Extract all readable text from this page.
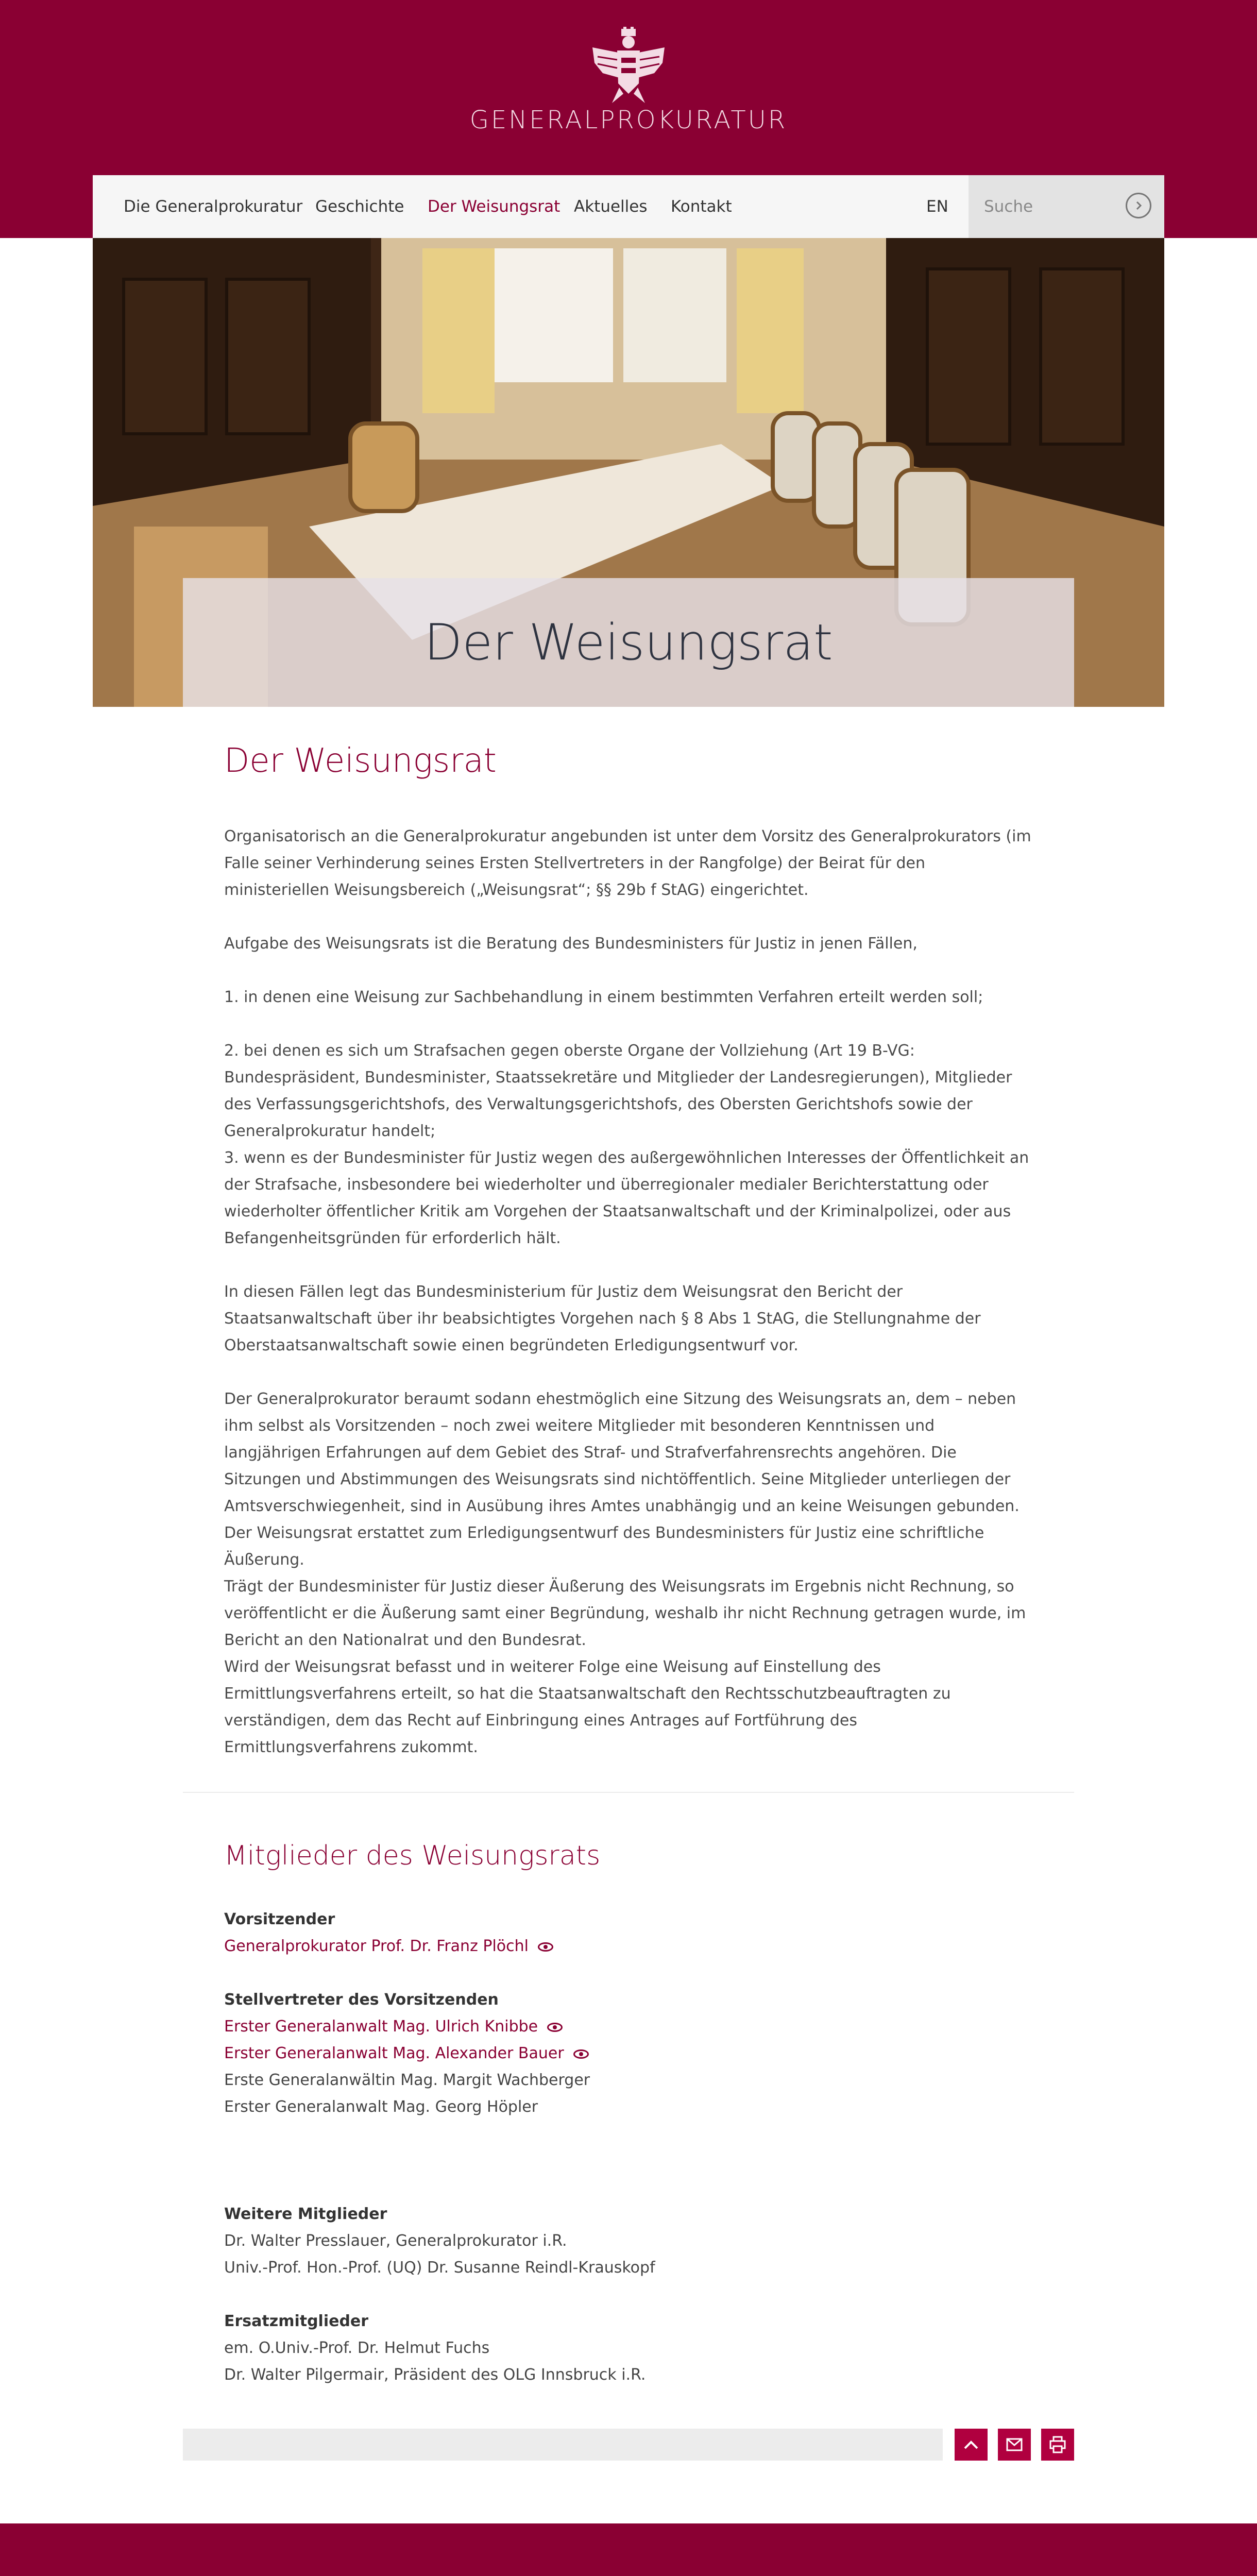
GENERALPROKURATUR
Die Generalprokuratur Geschichte Der Weisungsrat Aktuelles Kontakt	EN Suche
Der Weisungsrat
Der Weisungsrat

Organisatorisch an die Generalprokuratur angebunden ist unter dem Vorsitz des Generalprokurators (im Falle seiner Verhinderung seines Ersten Stellvertreters in der Rangfolge) der Beirat für den ministeriellen Weisungsbereich („Weisungsrat“; §§ 29b f StAG) eingerichtet.

Aufgabe des Weisungsrats ist die Beratung des Bundesministers für Justiz in jenen Fällen,

1. in denen eine Weisung zur Sachbehandlung in einem bestimmten Verfahren erteilt werden soll;

2. bei denen es sich um Strafsachen gegen oberste Organe der Vollziehung (Art 19 B-VG: Bundespräsident, Bundesminister, Staatssekretäre und Mitglieder der Landesregierungen), Mitglieder des Verfassungsgerichtshofs, des Verwaltungsgerichtshofs, des Obersten Gerichtshofs sowie der Generalprokuratur handelt;

3. wenn es der Bundesminister für Justiz wegen des außergewöhnlichen Interesses der Öffentlichkeit an der Strafsache, insbesondere bei wiederholter und überregionaler medialer Berichterstattung oder wiederholter öffentlicher Kritik am Vorgehen der Staatsanwaltschaft und der Kriminalpolizei, oder aus Befangenheitsgründen für erforderlich hält.

In diesen Fällen legt das Bundesministerium für Justiz dem Weisungsrat den Bericht der Staatsanwaltschaft über ihr beabsichtigtes Vorgehen nach § 8 Abs 1 StAG, die Stellungnahme der Oberstaatsanwaltschaft sowie einen begründeten Erledigungsentwurf vor.

Der Generalprokurator beraumt sodann ehestmöglich eine Sitzung des Weisungsrats an, dem – neben ihm selbst als Vorsitzenden – noch zwei weitere Mitglieder mit besonderen Kenntnissen und langjährigen Erfahrungen auf dem Gebiet des Straf- und Strafverfahrensrechts angehören. Die Sitzungen und Abstimmungen des Weisungsrats sind nichtöffentlich. Seine Mitglieder unterliegen der Amtsverschwiegenheit, sind in Ausübung ihres Amtes unabhängig und an keine Weisungen gebunden.
Der Weisungsrat erstattet zum Erledigungsentwurf des Bundesministers für Justiz eine schriftliche Äußerung.

Trägt der Bundesminister für Justiz dieser Äußerung des Weisungsrats im Ergebnis nicht Rechnung, so veröffentlicht er die Äußerung samt einer Begründung, weshalb ihr nicht Rechnung getragen wurde, im Bericht an den Nationalrat und den Bundesrat.
Wird der Weisungsrat befasst und in weiterer Folge eine Weisung auf Einstellung des Ermittlungsverfahrens erteilt, so hat die Staatsanwaltschaft den Rechtsschutzbeauftragten zu verständigen, dem das Recht auf Einbringung eines Antrages auf Fortführung des Ermittlungsverfahrens zukommt.

Mitglieder des Weisungsrats
Vorsitzender
Generalprokurator Prof. Dr. Franz Plöchl
Stellvertreter des Vorsitzenden
Erster Generalanwalt Mag. Ulrich Knibbe
Erster Generalanwalt Mag. Alexander Bauer
Erste Generalanwältin Mag. Margit Wachberger
Erster Generalanwalt Mag. Georg Höpler
Weitere Mitglieder
Dr. Walter Presslauer, Generalprokurator i.R.
Univ.-Prof. Hon.-Prof. (UQ) Dr. Susanne Reindl-Krauskopf
Ersatzmitglieder
em. O.Univ.-Prof. Dr. Helmut Fuchs
Dr. Walter Pilgermair, Präsident des OLG Innsbruck i.R.
